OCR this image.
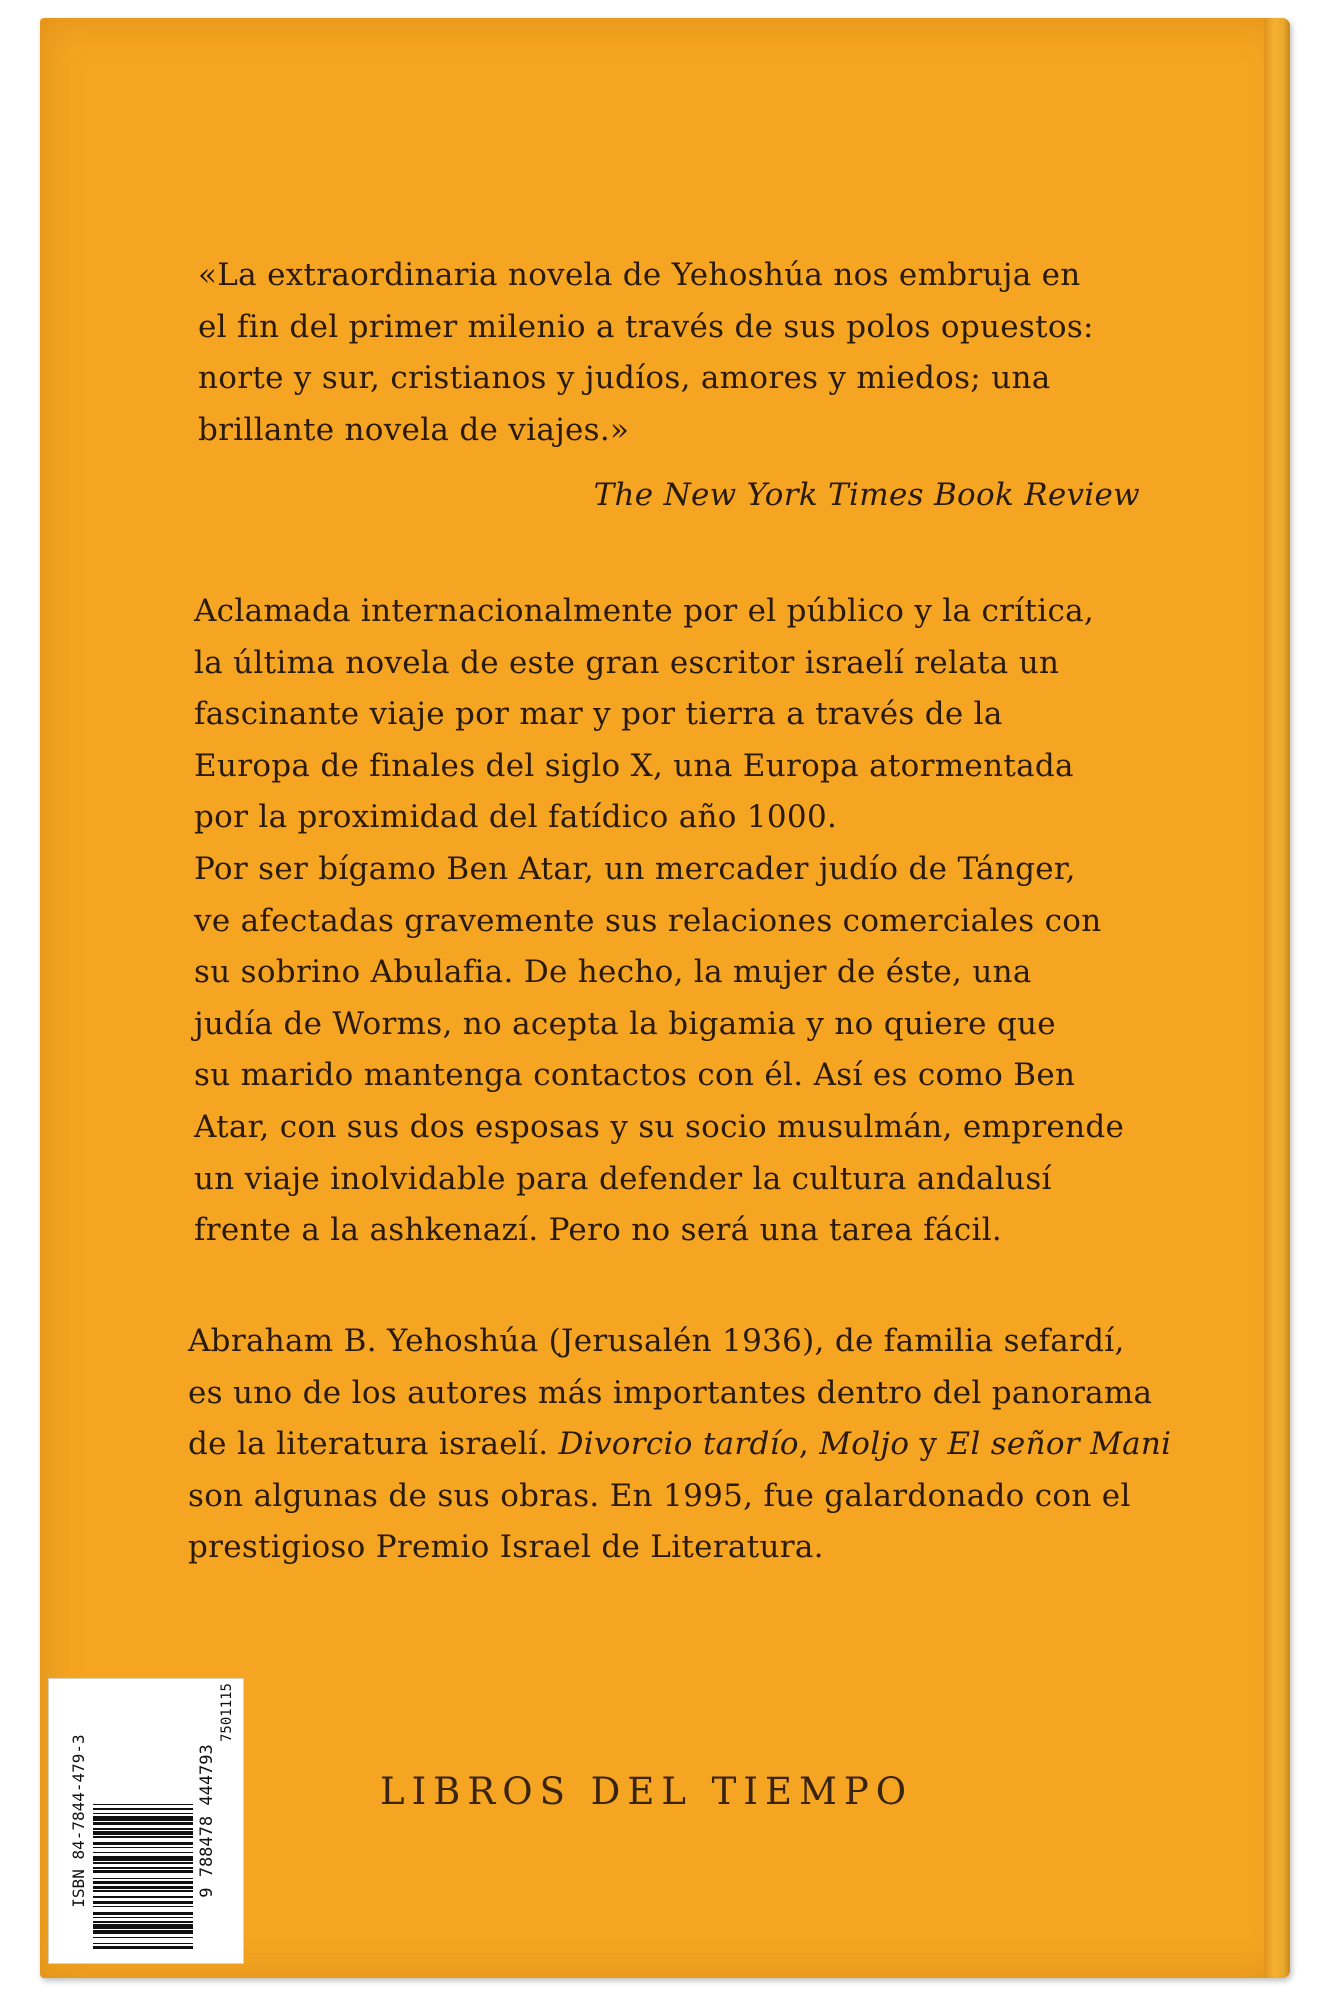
«La extraordinaria novela de Yehoshúa nos embruja en

el fin del primer milenio a través de sus polos opuestos:

norte y sur, cristianos y judíos, amores y miedos; una

brillante novela de viajes.»

The New York Times Book Review

Aclamada internacionalmente por el público y la crítica,

la última novela de este gran escritor israelí relata un

fascinante viaje por mar y por tierra a través de la

Europa de finales del siglo X, una Europa atormentada

por la proximidad del fatídico año 1000.

Por ser bígamo Ben Atar, un mercader judío de Tánger,

ve afectadas gravemente sus relaciones comerciales con

su sobrino Abulafia. De hecho, la mujer de éste, una

judía de Worms, no acepta la bigamia y no quiere que

su marido mantenga contactos con él. Así es como Ben

Atar, con sus dos esposas y su socio musulmán, emprende

un viaje inolvidable para defender la cultura andalusí

frente a la ashkenazí. Pero no será una tarea fácil.

Abraham B. Yehoshúa (Jerusalén 1936), de familia sefardí,

es uno de los autores más importantes dentro del panorama

de la literatura israelí. Divorcio tardío, Moljo y El señor Mani

son algunas de sus obras. En 1995, fue galardonado con el

prestigioso Premio Israel de Literatura.

LIBROS DEL TIEMPO
ISBN 84-7844-479-3	9 788478 444793
7501115
